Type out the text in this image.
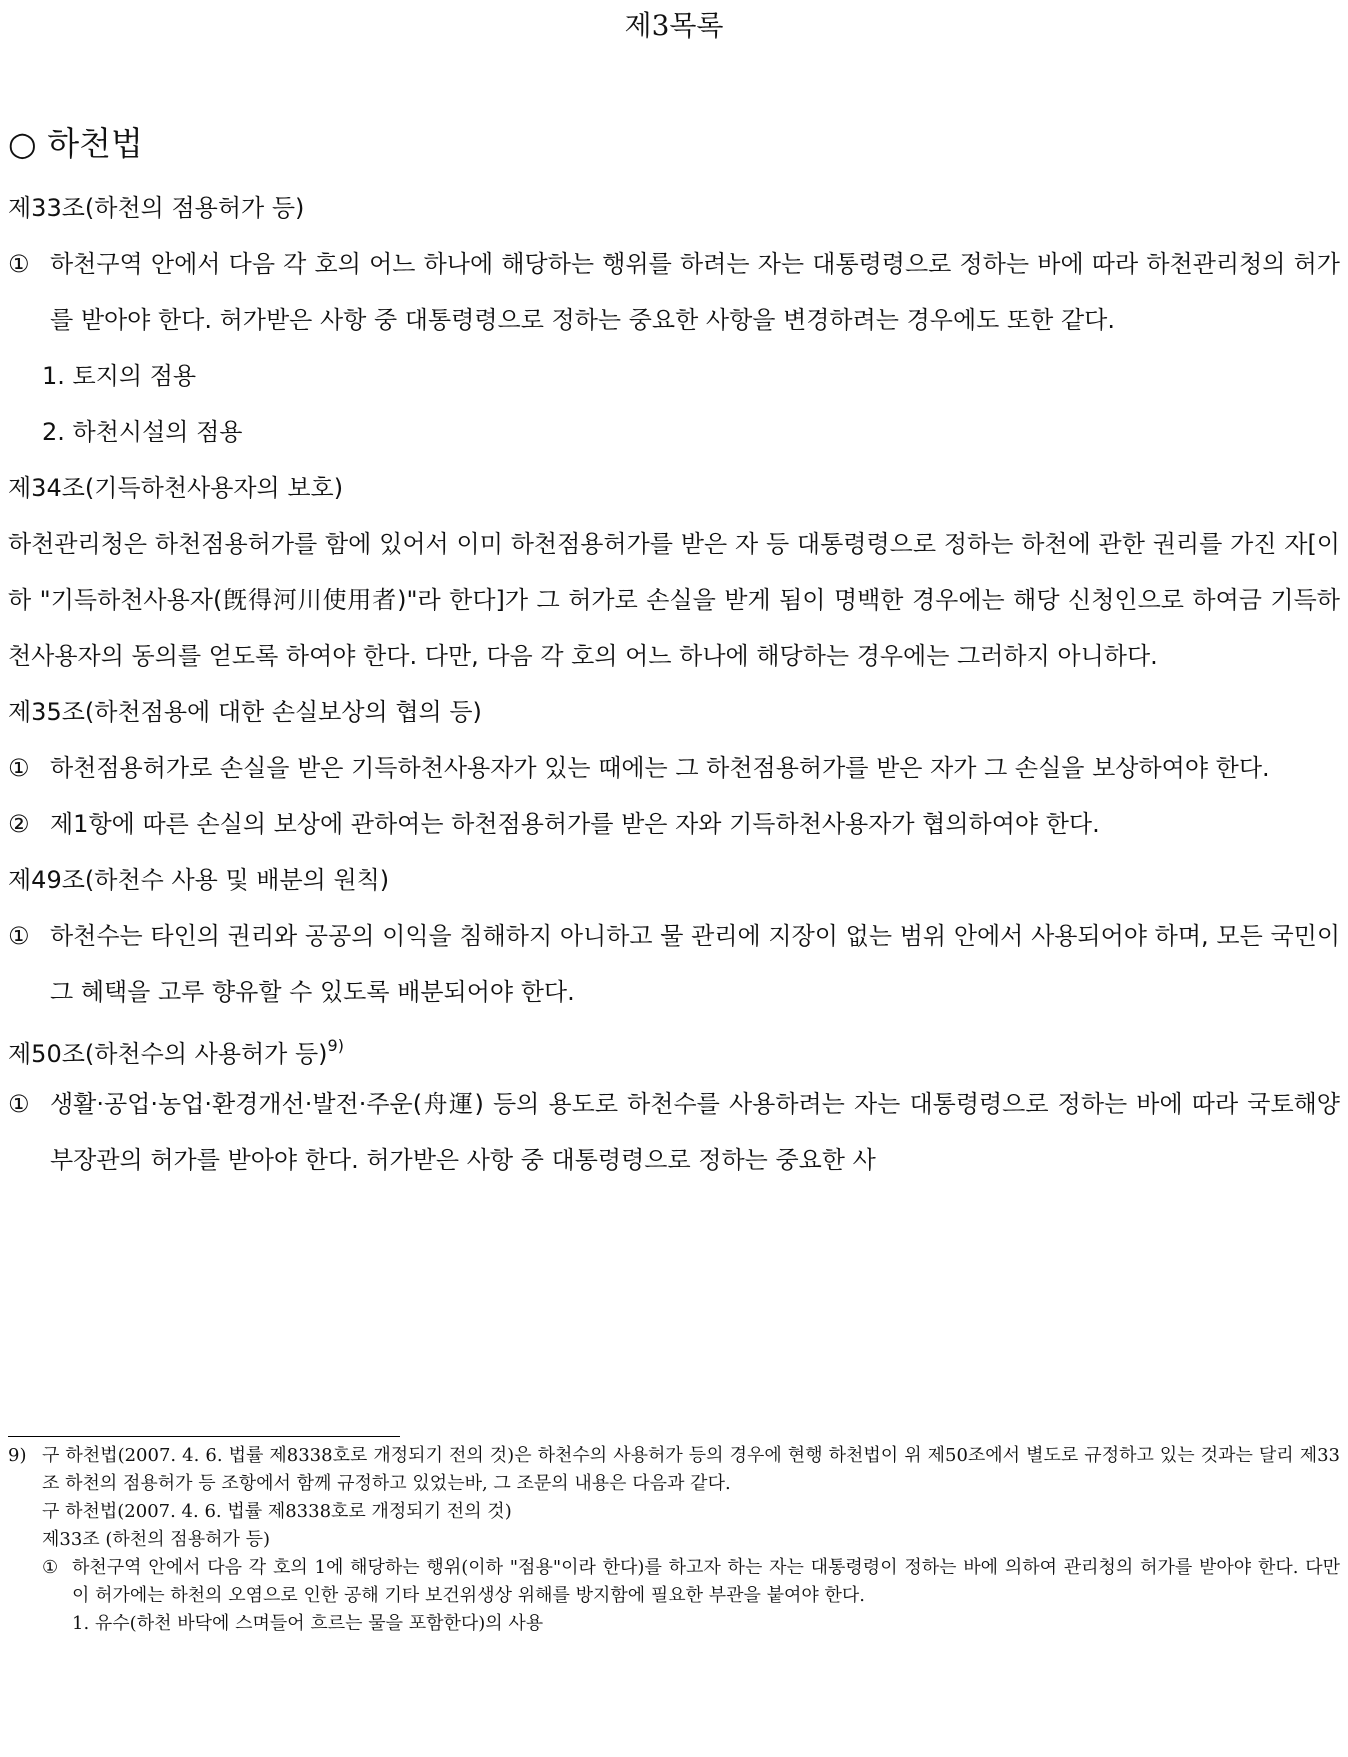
제3목록
○ 하천법
제33조(하천의 점용허가 등)
① 하천구역 안에서 다음 각 호의 어느 하나에 해당하는 행위를 하려는 자는 대통령령으로 정하는 바에 따라 하천관리청의 허가를 받아야 한다. 허가받은 사항 중 대통령령으로 정하는 중요한 사항을 변경하려는 경우에도 또한 같다.
1. 토지의 점용
2. 하천시설의 점용
제34조(기득하천사용자의 보호)

하천관리청은 하천점용허가를 함에 있어서 이미 하천점용허가를 받은 자 등 대통령령으로 정하는 하천에 관한 권리를 가진 자[이하 "기득하천사용자(旣得河川使用者)"라 한다]가 그 허가로 손실을 받게 됨이 명백한 경우에는 해당 신청인으로 하여금 기득하천사용자의 동의를 얻도록 하여야 한다. 다만, 다음 각 호의 어느 하나에 해당하는 경우에는 그러하지 아니하다.

제35조(하천점용에 대한 손실보상의 협의 등)
① 하천점용허가로 손실을 받은 기득하천사용자가 있는 때에는 그 하천점용허가를 받은 자가 그 손실을 보상하여야 한다.
② 제1항에 따른 손실의 보상에 관하여는 하천점용허가를 받은 자와 기득하천사용자가 협의하여야 한다.
제49조(하천수 사용 및 배분의 원칙)
① 하천수는 타인의 권리와 공공의 이익을 침해하지 아니하고 물 관리에 지장이 없는 범위 안에서 사용되어야 하며, 모든 국민이 그 혜택을 고루 향유할 수 있도록 배분되어야 한다.
제50조(하천수의 사용허가 등)$^{9)}$
① 생활·공업·농업·환경개선·발전·주운(舟運) 등의 용도로 하천수를 사용하려는 자는 대통령령으로 정하는 바에 따라 국토해양부장관의 허가를 받아야 한다. 허가받은 사항 중 대통령령으로 정하는 중요한 사
9) 구 하천법(2007. 4. 6. 법률 제8338호로 개정되기 전의 것)은 하천수의 사용허가 등의 경우에 현행 하천법이 위 제50조에서 별도로 규정하고 있는 것과는 달리 제33조 하천의 점용허가 등 조항에서 함께 규정하고 있었는바, 그 조문의 내용은 다음과 같다.
구 하천법(2007. 4. 6. 법률 제8338호로 개정되기 전의 것)
제33조 (하천의 점용허가 등)
① 하천구역 안에서 다음 각 호의 1에 해당하는 행위(이하 "점용"이라 한다)를 하고자 하는 자는 대통령령이 정하는 바에 의하여 관리청의 허가를 받아야 한다. 다만 이 허가에는 하천의 오염으로 인한 공해 기타 보건위생상 위해를 방지함에 필요한 부관을 붙여야 한다.
1. 유수(하천 바닥에 스며들어 흐르는 물을 포함한다)의 사용
